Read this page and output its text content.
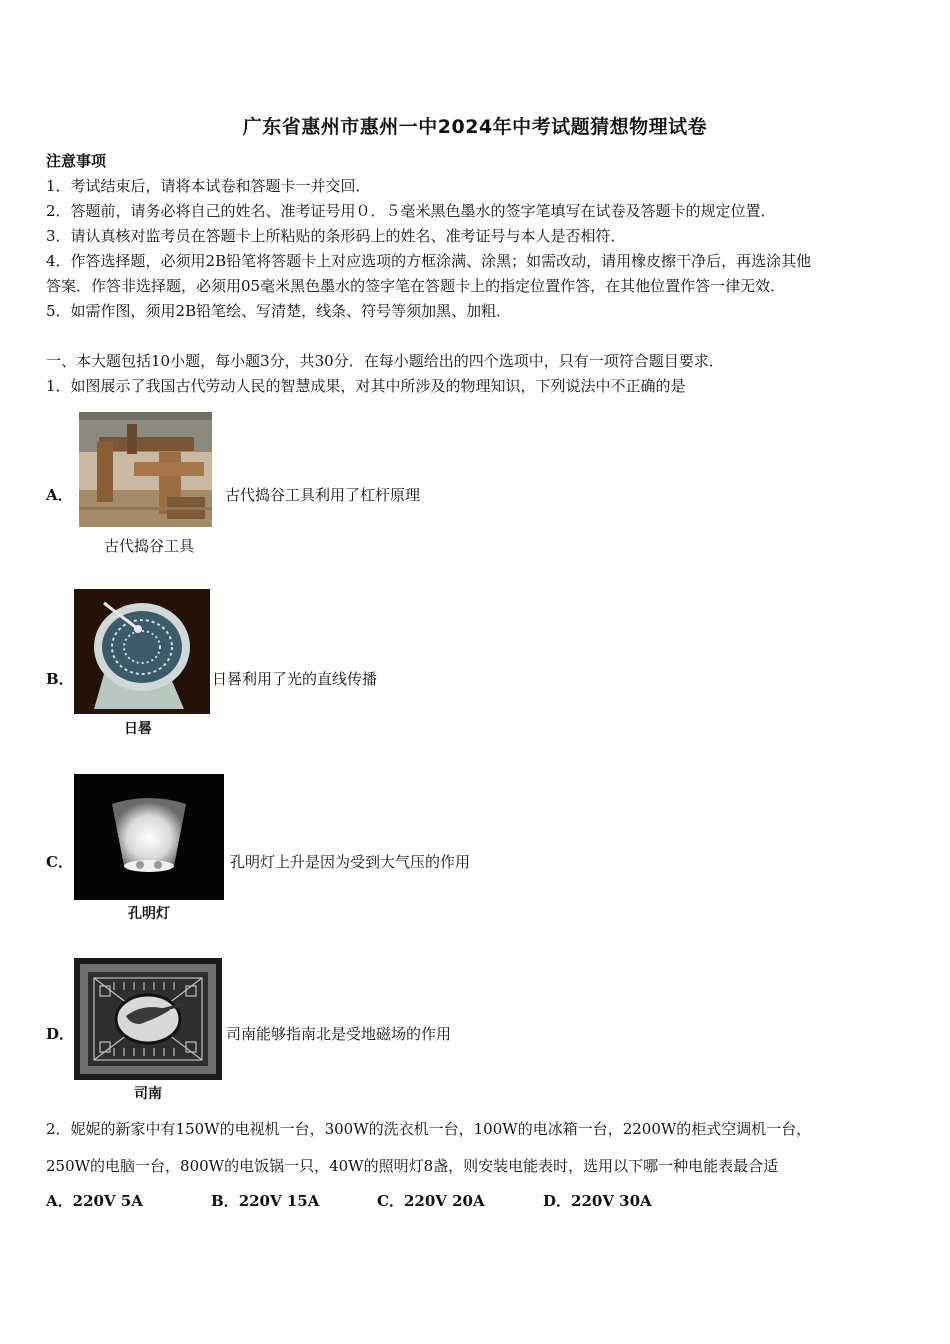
广东省惠州市惠州一中2024年中考试题猜想物理试卷
注意事项
1．考试结束后，请将本试卷和答题卡一并交回．
2．答题前，请务必将自己的姓名、准考证号用０．５毫米黑色墨水的签字笔填写在试卷及答题卡的规定位置．
3．请认真核对监考员在答题卡上所粘贴的条形码上的姓名、准考证号与本人是否相符．
4．作答选择题，必须用2B铅笔将答题卡上对应选项的方框涂满、涂黑；如需改动，请用橡皮擦干净后，再选涂其他
答案．作答非选择题，必须用05毫米黑色墨水的签字笔在答题卡上的指定位置作答，在其他位置作答一律无效．
5．如需作图，须用2B铅笔绘、写清楚，线条、符号等须加黑、加粗．
一、本大题包括10小题，每小题3分，共30分．在每小题给出的四个选项中，只有一项符合题目要求．
1．如图展示了我国古代劳动人民的智慧成果，对其中所涉及的物理知识，下列说法中不正确的是
A．
古代捣谷工具
古代捣谷工具利用了杠杆原理
B．
日晷
日晷利用了光的直线传播
C．
孔明灯
孔明灯上升是因为受到大气压的作用
D．
司南
司南能够指南北是受地磁场的作用
2．妮妮的新家中有150W的电视机一台，300W的洗衣机一台，100W的电冰箱一台，2200W的柜式空调机一台，
250W的电脑一台，800W的电饭锅一只，40W的照明灯8盏，则安装电能表时，选用以下哪一种电能表最合适
A．220V 5A	B．220V 15A	C．220V 20A	D．220V 30A
